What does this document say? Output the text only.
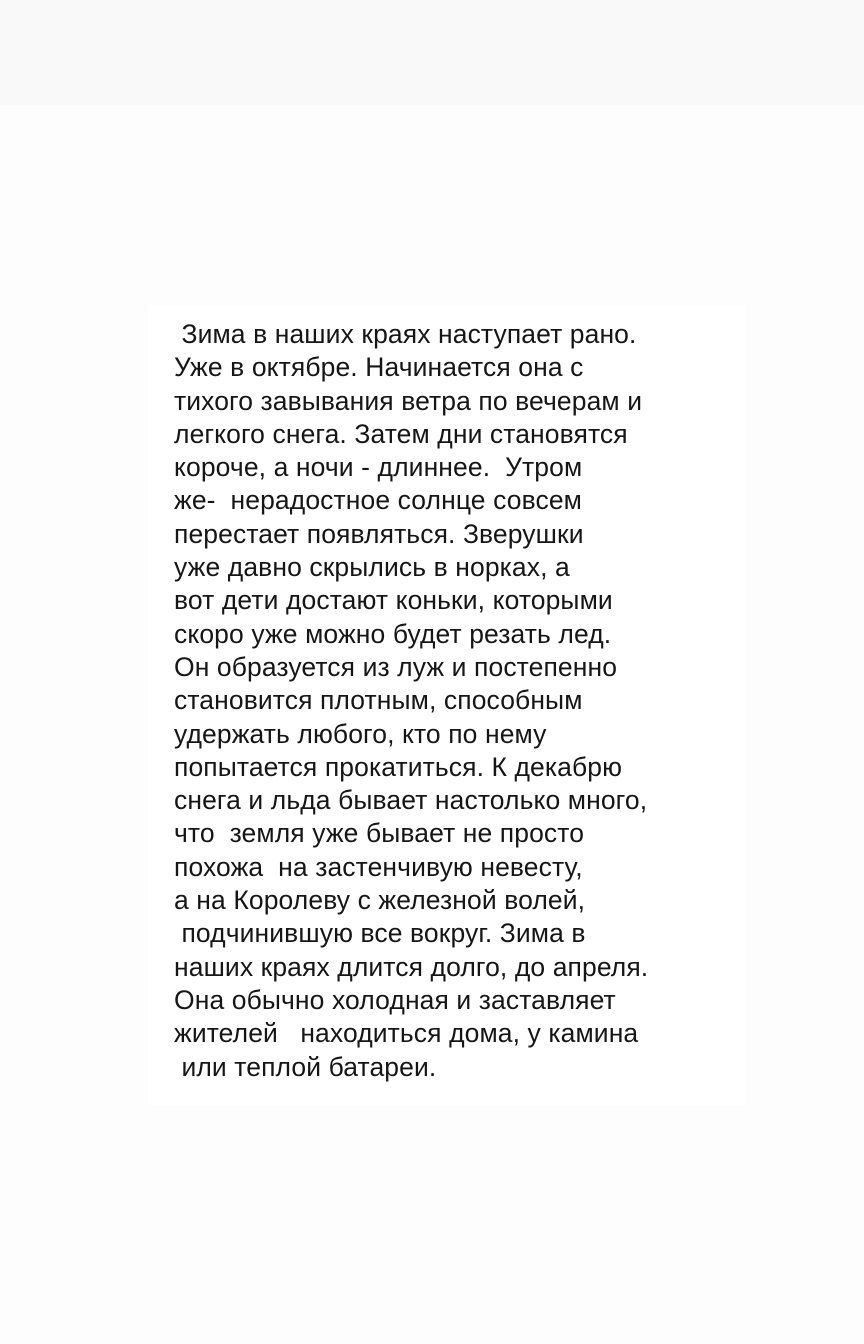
Зима в наших краях наступает рано.
Уже в октябре. Начинается она с
тихого завывания ветра по вечерам и
легкого снега. Затем дни становятся
короче, а ночи - длиннее.  Утром
же-  нерадостное солнце совсем
перестает появляться. Зверушки
уже давно скрылись в норках, а
вот дети достают коньки, которыми
скоро уже можно будет резать лед.
Он образуется из луж и постепенно
становится плотным, способным
удержать любого, кто по нему
попытается прокатиться. К декабрю
снега и льда бывает настолько много,
что  земля уже бывает не просто
похожа  на застенчивую невесту,
а на Королеву с железной волей,
подчинившую все вокруг. Зима в
наших краях длится долго, до апреля.
Она обычно холодная и заставляет
жителей   находиться дома, у камина
или теплой батареи.
